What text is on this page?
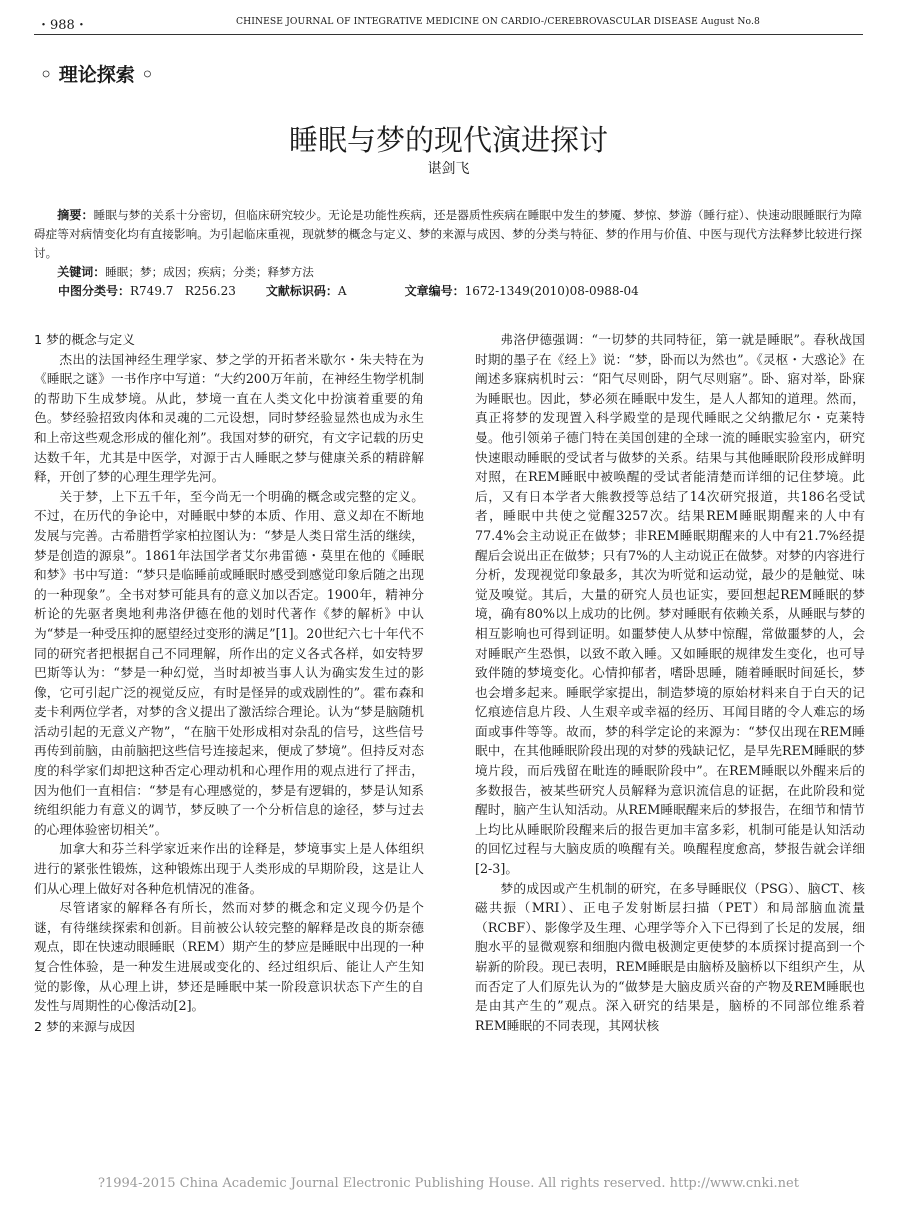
・988・	CHINESE JOURNAL OF INTEGRATIVE MEDICINE ON CARDIO-/CEREBROVASCULAR DISEASE August No.8
◦ 理论探索 ◦
睡眠与梦的现代演进探讨
谌剑飞

摘要：睡眠与梦的关系十分密切，但临床研究较少。无论是功能性疾病，还是器质性疾病在睡眠中发生的梦魇、梦惊、梦游（睡行症）、快速动眼睡眠行为障碍症等对病情变化均有直接影响。为引起临床重视，现就梦的概念与定义、梦的来源与成因、梦的分类与特征、梦的作用与价值、中医与现代方法释梦比较进行探讨。

关键词：睡眠；梦；成因；疾病；分类；释梦方法

中图分类号： R749.7   R256.23	文献标识码： A	文章编号： 1672-1349(2010)08-0988-04
1 梦的概念与定义

杰出的法国神经生理学家、梦之学的开拓者米歇尔・朱夫特在为《睡眠之谜》一书作序中写道：“大约200万年前，在神经生物学机制的帮助下生成梦境。从此，梦境一直在人类文化中扮演着重要的角色。梦经验招致肉体和灵魂的二元设想，同时梦经验显然也成为永生和上帝这些观念形成的催化剂”。我国对梦的研究，有文字记载的历史达数千年，尤其是中医学，对源于古人睡眠之梦与健康关系的精辟解释，开创了梦的心理生理学先河。

关于梦，上下五千年，至今尚无一个明确的概念或完整的定义。不过，在历代的争论中，对睡眠中梦的本质、作用、意义却在不断地发展与完善。古希腊哲学家柏拉图认为：“梦是人类日常生活的继续，梦是创造的源泉”。1861年法国学者艾尔弗雷德・莫里在他的《睡眠和梦》书中写道：“梦只是临睡前或睡眠时感受到感觉印象后随之出现的一种现象”。全书对梦可能具有的意义加以否定。1900年，精神分析论的先驱者奥地利弗洛伊德在他的划时代著作《梦的解析》中认为“梦是一种受压抑的愿望经过变形的满足”[1]。20世纪六七十年代不同的研究者把根据自己不同理解，所作出的定义各式各样，如安特罗巴斯等认为：“梦是一种幻觉，当时却被当事人认为确实发生过的影像，它可引起广泛的视觉反应，有时是怪异的或戏剧性的”。霍布森和麦卡利两位学者，对梦的含义提出了激活综合理论。认为“梦是脑随机活动引起的无意义产物”，“在脑干处形成相对杂乱的信号，这些信号再传到前脑，由前脑把这些信号连接起来，便成了梦境”。但持反对态度的科学家们却把这种否定心理动机和心理作用的观点进行了抨击，因为他们一直相信：“梦是有心理感觉的，梦是有逻辑的，梦是认知系统组织能力有意义的调节，梦反映了一个分析信息的途径，梦与过去的心理体验密切相关”。

加拿大和芬兰科学家近来作出的诠释是，梦境事实上是人体组织进行的紧张性锻炼，这种锻炼出现于人类形成的早期阶段，这是让人们从心理上做好对各种危机情况的准备。

尽管诸家的解释各有所长，然而对梦的概念和定义现今仍是个谜，有待继续探索和创新。目前被公认较完整的解释是改良的斯奈德观点，即在快速动眼睡眠（REM）期产生的梦应是睡眠中出现的一种复合性体验，是一种发生进展或变化的、经过组织后、能让人产生知觉的影像，从心理上讲，梦还是睡眠中某一阶段意识状态下产生的自发性与周期性的心像活动[2]。

2 梦的来源与成因

弗洛伊德强调：“一切梦的共同特征，第一就是睡眠”。春秋战国时期的墨子在《经上》说：“梦，卧而以为然也”。《灵枢・大惑论》在阐述多寐病机时云：“阳气尽则卧，阴气尽则寤”。卧、寤对举，卧寐为睡眠也。因此，梦必须在睡眠中发生，是人人都知的道理。然而，真正将梦的发现置入科学殿堂的是现代睡眠之父纳撒尼尔・克莱特曼。他引领弟子德门特在美国创建的全球一流的睡眠实验室内，研究快速眼动睡眠的受试者与做梦的关系。结果与其他睡眠阶段形成鲜明对照，在REM睡眠中被唤醒的受试者能清楚而详细的记住梦境。此后，又有日本学者大熊教授等总结了14次研究报道，共186名受试者，睡眠中共使之觉醒3257次。结果REM睡眠期醒来的人中有77.4%会主动说正在做梦；非REM睡眠期醒来的人中有21.7%经提醒后会说出正在做梦；只有7%的人主动说正在做梦。对梦的内容进行分析，发现视觉印象最多，其次为听觉和运动觉，最少的是触觉、味觉及嗅觉。其后，大量的研究人员也证实，要回想起REM睡眠的梦境，确有80%以上成功的比例。梦对睡眠有依赖关系，从睡眠与梦的相互影响也可得到证明。如噩梦使人从梦中惊醒，常做噩梦的人，会对睡眠产生恐惧，以致不敢入睡。又如睡眠的规律发生变化，也可导致伴随的梦境变化。心情抑郁者，嗜卧思睡，随着睡眠时间延长，梦也会增多起来。睡眠学家提出，制造梦境的原始材料来自于白天的记忆痕迹信息片段、人生艰辛或幸福的经历、耳闻目睹的令人难忘的场面或事件等等。故而，梦的科学定论的来源为：“梦仅出现在REM睡眠中，在其他睡眠阶段出现的对梦的残缺记忆，是早先REM睡眠的梦境片段，而后残留在毗连的睡眠阶段中”。在REM睡眠以外醒来后的多数报告，被某些研究人员解释为意识流信息的证据，在此阶段和觉醒时，脑产生认知活动。从REM睡眠醒来后的梦报告，在细节和情节上均比从睡眠阶段醒来后的报告更加丰富多彩，机制可能是认知活动的回忆过程与大脑皮质的唤醒有关。唤醒程度愈高，梦报告就会详细[2-3]。

梦的成因或产生机制的研究，在多导睡眠仪（PSG）、脑CT、核磁共振（MRI）、正电子发射断层扫描（PET）和局部脑血流量（RCBF）、影像学及生理、心理学等介入下已得到了长足的发展，细胞水平的显微观察和细胞内微电极测定更使梦的本质探讨提高到一个崭新的阶段。现已表明，REM睡眠是由脑桥及脑桥以下组织产生，从而否定了人们原先认为的“做梦是大脑皮质兴奋的产物及REM睡眠也是由其产生的”观点。深入研究的结果是，脑桥的不同部位维系着REM睡眠的不同表现，其网状核

?1994-2015 China Academic Journal Electronic Publishing House. All rights reserved. http://www.cnki.net
